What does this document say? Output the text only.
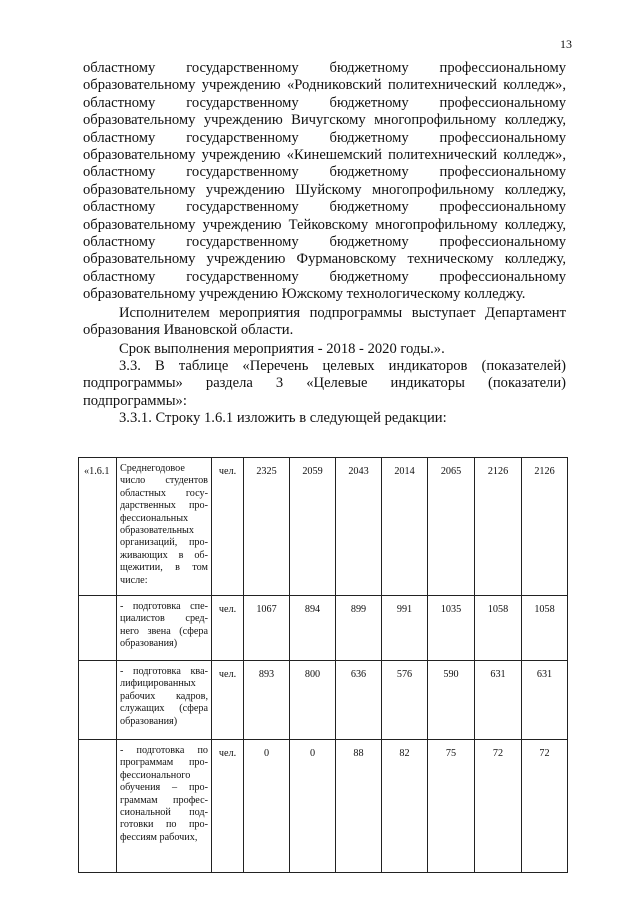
13

областному государственному бюджетному профессиональному образовательному учреждению «Родниковский политехнический колледж», областному государственному бюджетному профессиональному образовательному учреждению Вичугскому многопрофильному колледжу, областному государственному бюджетному профессиональному образовательному учреждению «Кинешемский политехнический колледж», областному государственному бюджетному профессиональному образовательному учреждению Шуйскому многопрофильному колледжу, областному государственному бюджетному профессиональному образовательному учреждению Тейковскому многопрофильному колледжу, областному государственному бюджетному профессиональному образовательному учреждению Фурмановскому техническому колледжу, областному государственному бюджетному профессиональному образовательному учреждению Южскому технологическому колледжу.

Исполнителем мероприятия подпрограммы выступает Департамент образования Ивановской области.

Срок выполнения мероприятия - 2018 - 2020 годы.».

3.3. В таблице «Перечень целевых индикаторов (показателей) подпрограммы» раздела 3 «Целевые индикаторы (показатели) подпрограммы»:

3.3.1. Строку 1.6.1 изложить в следующей редакции:

«1.6.1	Среднегодовое число студентов областных госу-дарственных про-фессиональных образовательных организаций, про-живающих в об-щежитии, в том числе:	чел.	2325	2059	2043	2014	2065	2126	2126
	- подготовка спе-циалистов сред-него звена (сфера образования)	чел.	1067	894	899	991	1035	1058	1058
	- подготовка ква-лифицированных рабочих кадров, служащих (сфера образования)	чел.	893	800	636	576	590	631	631
	- подготовка по программам про-фессионального обучения – про-граммам профес-сиональной под-готовки по про-фессиям рабочих,	чел.	0	0	88	82	75	72	72
